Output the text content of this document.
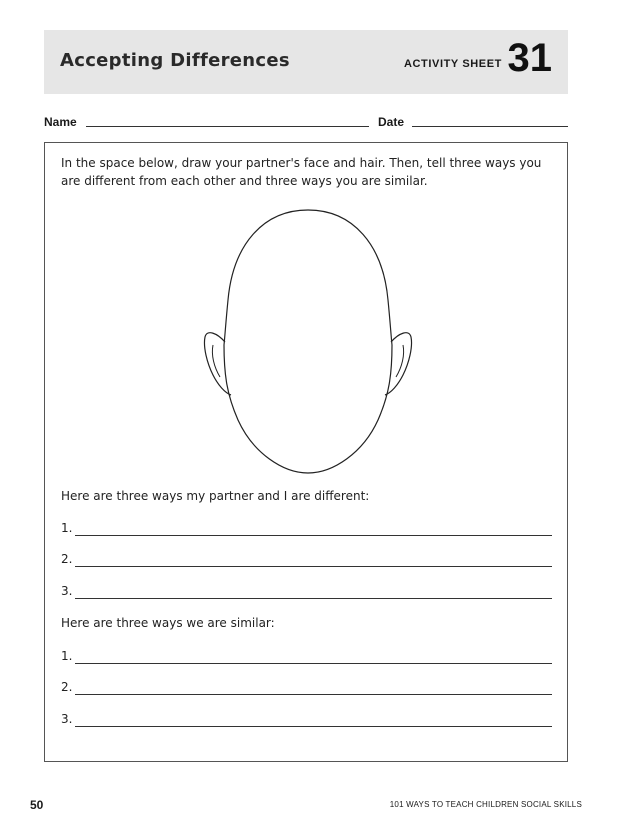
Accepting Differences	ACTIVITY SHEET 31
Name	Date

In the space below, draw your partner's face and hair. Then, tell three ways you are different from each other and three ways you are similar.

Here are three ways my partner and I are different:
1.
2.
3.
Here are three ways we are similar:
1.
2.
3.
50	101 WAYS TO TEACH CHILDREN SOCIAL SKILLS
